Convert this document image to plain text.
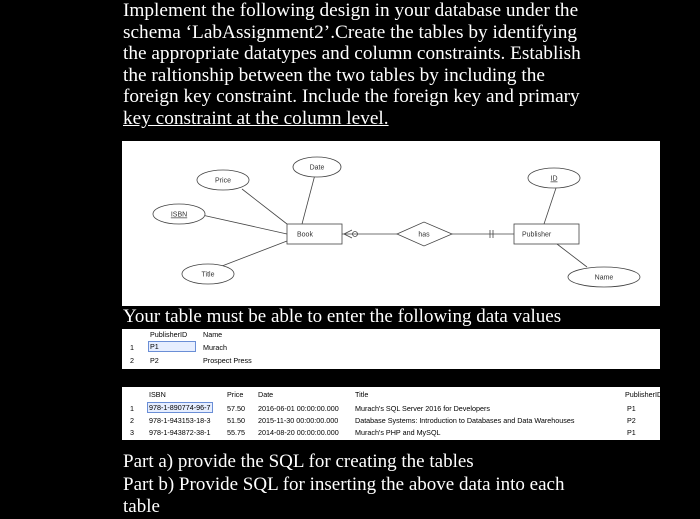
Implement the following design in your database under the
schema ‘LabAssignment2’.Create the tables by identifying
the appropriate datatypes and column constraints. Establish
the raltionship between the two tables by including the
foreign key constraint. Include the foreign key and primary
key constraint at the column level.
Date
Price
ISBN
Title
ID
Name
Book	Publisher
has
Your table must be able to enter the following data values
PublisherID Name
1 P1	Murach
2 P2	Prospect Press
ISBN	Price Date	Title	PublisherID
1 978-1-890774-96-7 57.50 2016-06-01 00:00:00.000 Murach's SQL Server 2016 for Developers	P1
2 978-1-943153-18-3 51.50 2015-11-30 00:00:00.000 Database Systems: Introduction to Databases and Data Warehouses	P2
3 978-1-943872-38-1 55.75 2014-08-20 00:00:00.000 Murach's PHP and MySQL	P1
Part a) provide the SQL for creating the tables
Part b) Provide SQL for inserting the above data into each
table
